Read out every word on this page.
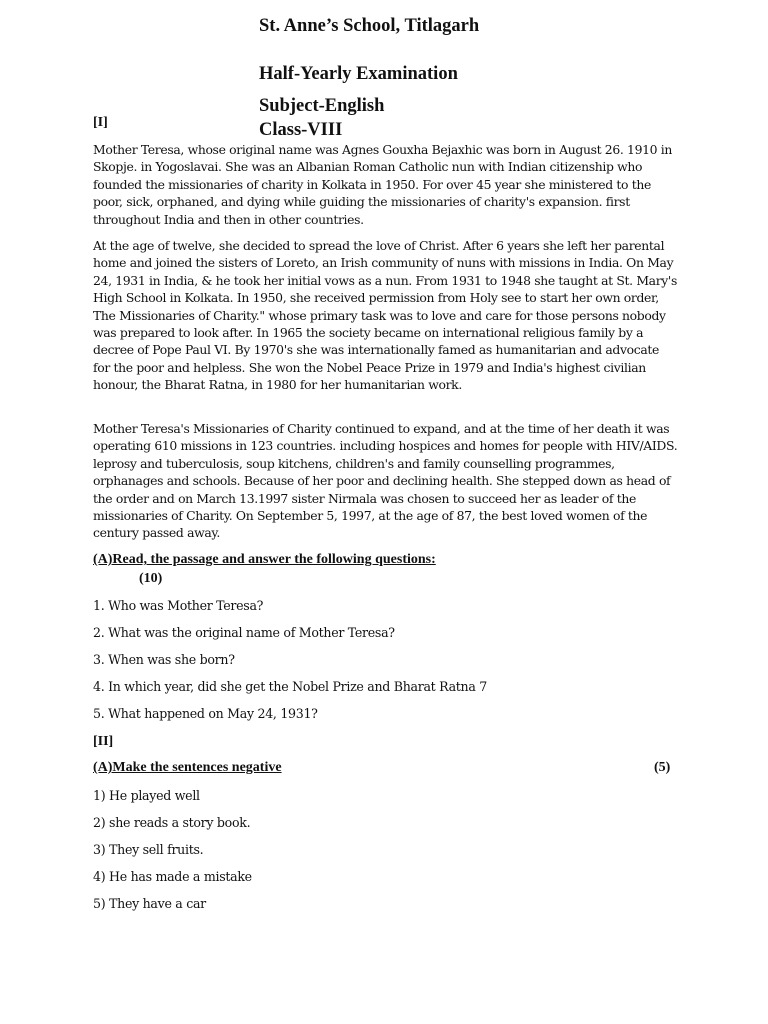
St. Anne’s School, Titlagarh
Half-Yearly Examination
Subject-English
Class-VIII
[I]

Mother Teresa, whose original name was Agnes Gouxha Bejaxhic was born in August 26. 1910 in Skopje. in Yogoslavai. She was an Albanian Roman Catholic nun with Indian citizenship who founded the missionaries of charity in Kolkata in 1950. For over 45 year she ministered to the poor, sick, orphaned, and dying while guiding the missionaries of charity's expansion. first throughout India and then in other countries.

At the age of twelve, she decided to spread the love of Christ. After 6 years she left her parental home and joined the sisters of Loreto, an Irish community of nuns with missions in India. On May 24, 1931 in India, & he took her initial vows as a nun. From 1931 to 1948 she taught at St. Mary's High School in Kolkata. In 1950, she received permission from Holy see to start her own order, The Missionaries of Charity." whose primary task was to love and care for those persons nobody was prepared to look after. In 1965 the society became on international religious family by a decree of Pope Paul VI. By 1970's she was internationally famed as humanitarian and advocate for the poor and helpless. She won the Nobel Peace Prize in 1979 and India's highest civilian honour, the Bharat Ratna, in 1980 for her humanitarian work.

Mother Teresa's Missionaries of Charity continued to expand, and at the time of her death it was operating 610 missions in 123 countries. including hospices and homes for people with HIV/AIDS. leprosy and tuberculosis, soup kitchens, children's and family counselling programmes, orphanages and schools. Because of her poor and declining health. She stepped down as head of the order and on March 13.1997 sister Nirmala was chosen to succeed her as leader of the missionaries of Charity. On September 5, 1997, at the age of 87, the best loved women of the century passed away.

(A)Read, the passage and answer the following questions:
(10)
1. Who was Mother Teresa?
2. What was the original name of Mother Teresa?
3. When was she born?
4. In which year, did she get the Nobel Prize and Bharat Ratna 7
5. What happened on May 24, 1931?
[II]
(A)Make the sentences negative	(5)
1) He played well
2) she reads a story book.
3) They sell fruits.
4) He has made a mistake
5) They have a car
